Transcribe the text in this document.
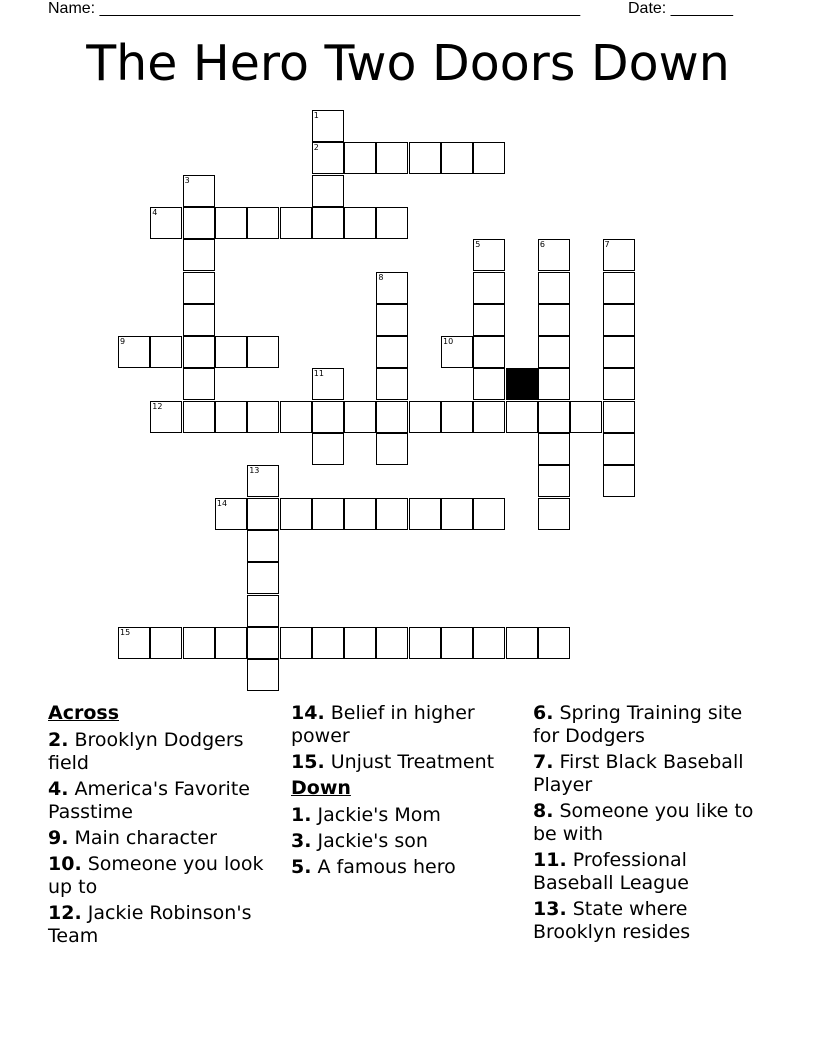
Name: ______________________________________________________	Date: _______
The Hero Two Doors Down
2
4
9	10
12
14
15
1
3
5	6	7
8
11
13
Across
2. Brooklyn Dodgers field
4. America's Favorite Passtime
9. Main character
10. Someone you look up to
12. Jackie Robinson's Team
14. Belief in higher power
15. Unjust Treatment
Down
1. Jackie's Mom
3. Jackie's son
5. A famous hero
6. Spring Training site for Dodgers
7. First Black Baseball Player
8. Someone you like to be with
11. Professional Baseball League
13. State where Brooklyn resides
